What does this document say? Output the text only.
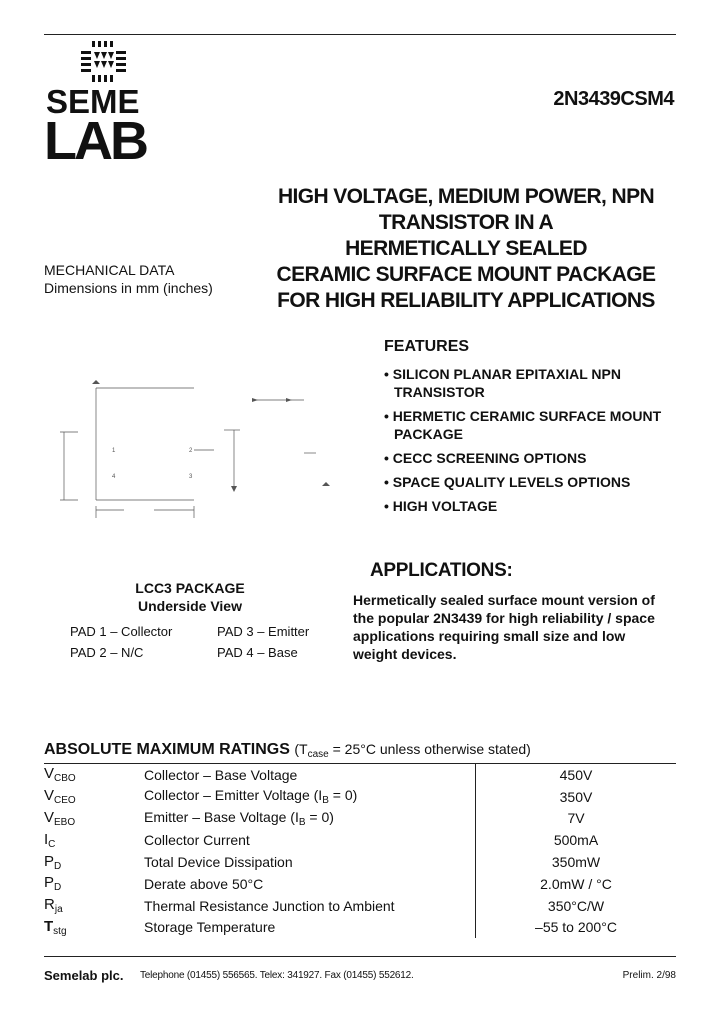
SEME
LAB
2N3439CSM4
HIGH VOLTAGE, MEDIUM POWER, NPN
TRANSISTOR IN A
HERMETICALLY SEALED
CERAMIC SURFACE MOUNT PACKAGE
FOR HIGH RELIABILITY APPLICATIONS
MECHANICAL DATA
Dimensions in mm (inches)
1
4
2
3
LCC3 PACKAGE
Underside View
PAD 1 – Collector	PAD 3 – Emitter
PAD 2 – N/C	PAD 4 – Base
FEATURES
• SILICON PLANAR EPITAXIAL NPN
TRANSISTOR
• HERMETIC CERAMIC SURFACE MOUNT
PACKAGE
• CECC SCREENING OPTIONS
• SPACE QUALITY LEVELS OPTIONS
• HIGH VOLTAGE
APPLICATIONS:
Hermetically sealed surface mount version of
the popular 2N3439 for high reliability / space
applications requiring small size and low
weight devices.
ABSOLUTE MAXIMUM RATINGS ($T_{case} = 25^\circ C$ unless otherwise stated)
$V_{CBO}$	Collector – Base Voltage	450V
$V_{CEO}$	Collector – Emitter Voltage $(I_B = 0)$	350V
$V_{EBO}$	Emitter – Base Voltage $(I_B = 0)$	7V
$I_C$	Collector Current	500mA
$P_D$	Total Device Dissipation	350mW
$P_D$	Derate above 50°C	2.0mW / °C
$R_{ja}$	Thermal Resistance Junction to Ambient	350°C/W
$T_{stg}$	Storage Temperature	–55 to 200°C
Semelab plc. Telephone (01455) 556565. Telex: 341927. Fax (01455) 552612.	Prelim. 2/98
